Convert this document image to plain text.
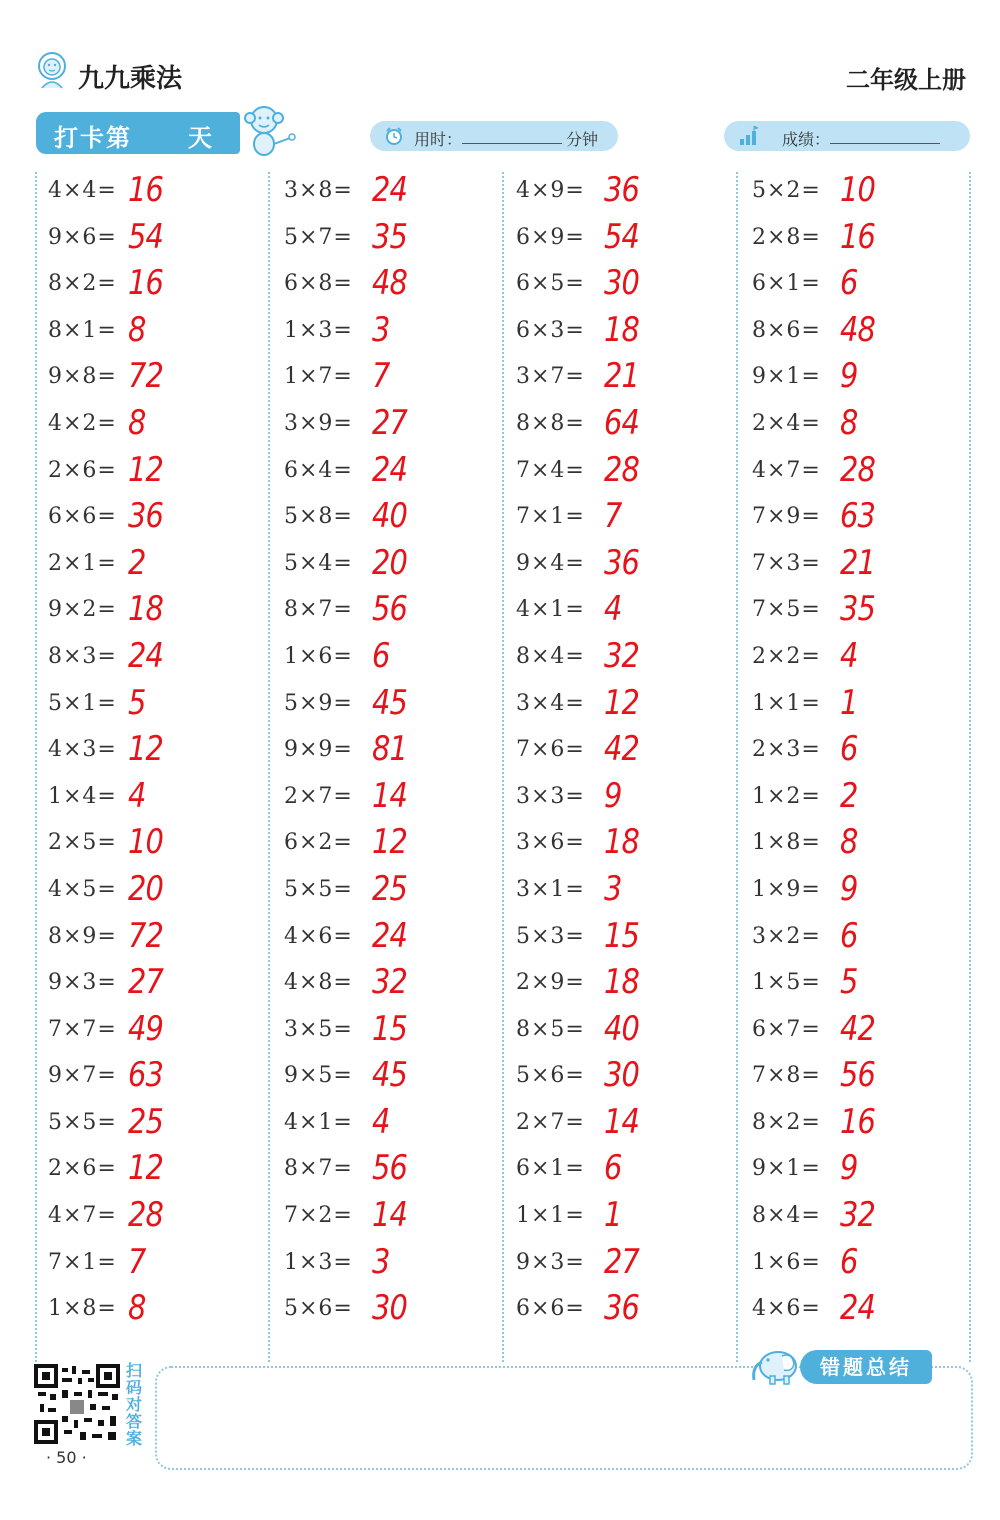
九九乘法	二年级上册
打卡第 天	用时：	分钟	成绩：
4×4= 16
9×6= 54
8×2= 16
8×1= 8
9×8= 72
4×2= 8
2×6= 12
6×6= 36
2×1= 2
9×2= 18
8×3= 24
5×1= 5
4×3= 12
1×4= 4
2×5= 10
4×5= 20
8×9= 72
9×3= 27
7×7= 49
9×7= 63
5×5= 25
2×6= 12
4×7= 28
7×1= 7
1×8= 8
3×8= 24
5×7= 35
6×8= 48
1×3= 3
1×7= 7
3×9= 27
6×4= 24
5×8= 40
5×4= 20
8×7= 56
1×6= 6
5×9= 45
9×9= 81
2×7= 14
6×2= 12
5×5= 25
4×6= 24
4×8= 32
3×5= 15
9×5= 45
4×1= 4
8×7= 56
7×2= 14
1×3= 3
5×6= 30
4×9= 36
6×9= 54
6×5= 30
6×3= 18
3×7= 21
8×8= 64
7×4= 28
7×1= 7
9×4= 36
4×1= 4
8×4= 32
3×4= 12
7×6= 42
3×3= 9
3×6= 18
3×1= 3
5×3= 15
2×9= 18
8×5= 40
5×6= 30
2×7= 14
6×1= 6
1×1= 1
9×3= 27
6×6= 36
5×2= 10
2×8= 16
6×1= 6
8×6= 48
9×1= 9
2×4= 8
4×7= 28
7×9= 63
7×3= 21
7×5= 35
2×2= 4
1×1= 1
2×3= 6
1×2= 2
1×8= 8
1×9= 9
3×2= 6
1×5= 5
6×7= 42
7×8= 56
8×2= 16
9×1= 9
8×4= 32
1×6= 6
4×6= 24
扫码对答案
· 50 ·
错题总结
